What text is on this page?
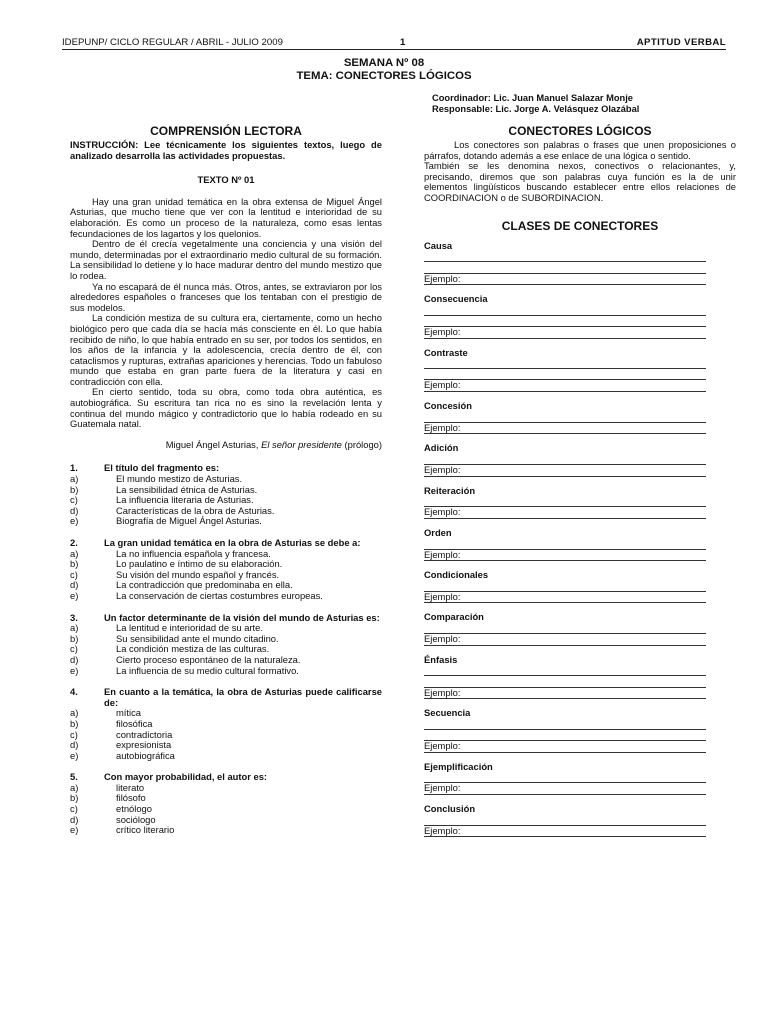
IDEPUNP/ CICLO REGULAR / ABRIL - JULIO 2009	1	APTITUD VERBAL
SEMANA Nº 08
TEMA: CONECTORES LÓGICOS
Coordinador: Lic. Juan Manuel Salazar Monje
Responsable: Lic. Jorge A. Velásquez Olazábal
COMPRENSIÓN LECTORA

INSTRUCCIÓN: Lee técnicamente los siguientes textos, luego de analizado desarrolla las actividades propuestas.

TEXTO Nº 01

Hay una gran unidad temática en la obra extensa de Miguel Ángel Asturias, que mucho tiene que ver con la lentitud e interioridad de su elaboración. Es como un proceso de la naturaleza, como esas lentas fecundaciones de los lagartos y los quelonios.

Dentro de él crecía vegetalmente una conciencia y una visión del mundo, determinadas por el extraordinario medio cultural de su formación. La sensibilidad lo detiene y lo hace madurar dentro del mundo mestizo que lo rodea.

Ya no escapará de él nunca más. Otros, antes, se extraviaron por los alrededores españoles o franceses que los tentaban con el prestigio de sus modelos.

La condición mestiza de su cultura era, ciertamente, como un hecho biológico pero que cada día se hacía más consciente en él. Lo que había recibido de niño, lo que había entrado en su ser, por todos los sentidos, en los años de la infancia y la adolescencia, crecía dentro de él, con cataclismos y rupturas, extrañas apariciones y herencias. Todo un fabuloso mundo que estaba en gran parte fuera de la literatura y casi en contradicción con ella.

En cierto sentido, toda su obra, como toda obra auténtica, es autobiográfica. Su escritura tan rica no es sino la revelación lenta y continua del mundo mágico y contradictorio que lo había rodeado en su Guatemala natal.

Miguel Ángel Asturias, El señor presidente (prólogo)
1.	El título del fragmento es:
a)	El mundo mestizo de Asturias.
b)	La sensibilidad étnica de Asturias.
c)	La influencia literaria de Asturias.
d)	Características de la obra de Asturias.
e)	Biografía de Miguel Ángel Asturias.
2.	La gran unidad temática en la obra de Asturias se debe a:
a)	La no influencia española y francesa.
b)	Lo paulatino e íntimo de su elaboración.
c)	Su visión del mundo español y francés.
d)	La contradicción que predominaba en ella.
e)	La conservación de ciertas costumbres europeas.
3.	Un factor determinante de la visión del mundo de Asturias es:
a)	La lentitud e interioridad de su arte.
b)	Su sensibilidad ante el mundo citadino.
c)	La condición mestiza de las culturas.
d)	Cierto proceso espontáneo de la naturaleza.
e)	La influencia de su medio cultural formativo.
4.	En cuanto a la temática, la obra de Asturias puede calificarse de:
a)	mítica
b)	filosófica
c)	contradictoria
d)	expresionista
e)	autobiográfica
5.	Con mayor probabilidad, el autor es:
a)	literato
b)	filósofo
c)	etnólogo
d)	sociólogo
e)	crítico literario
CONECTORES LÓGICOS

Los conectores son palabras o frases que unen proposiciones o párrafos, dotando además a ese enlace de una lógica o sentido.

También se les denomina nexos, conectivos o relacionantes, y, precisando, diremos que son palabras cuya función es la de unir elementos lingüísticos buscando establecer entre ellos relaciones de COORDINACION o de SUBORDINACION.

CLASES DE CONECTORES
Causa
Ejemplo:
Consecuencia
Ejemplo:
Contraste
Ejemplo:
Concesión
Ejemplo:
Adición
Ejemplo:
Reiteración
Ejemplo:
Orden
Ejemplo:
Condicionales
Ejemplo:
Comparación
Ejemplo:
Énfasis
Ejemplo:
Secuencia
Ejemplo:
Ejemplificación
Ejemplo:
Conclusión
Ejemplo:
